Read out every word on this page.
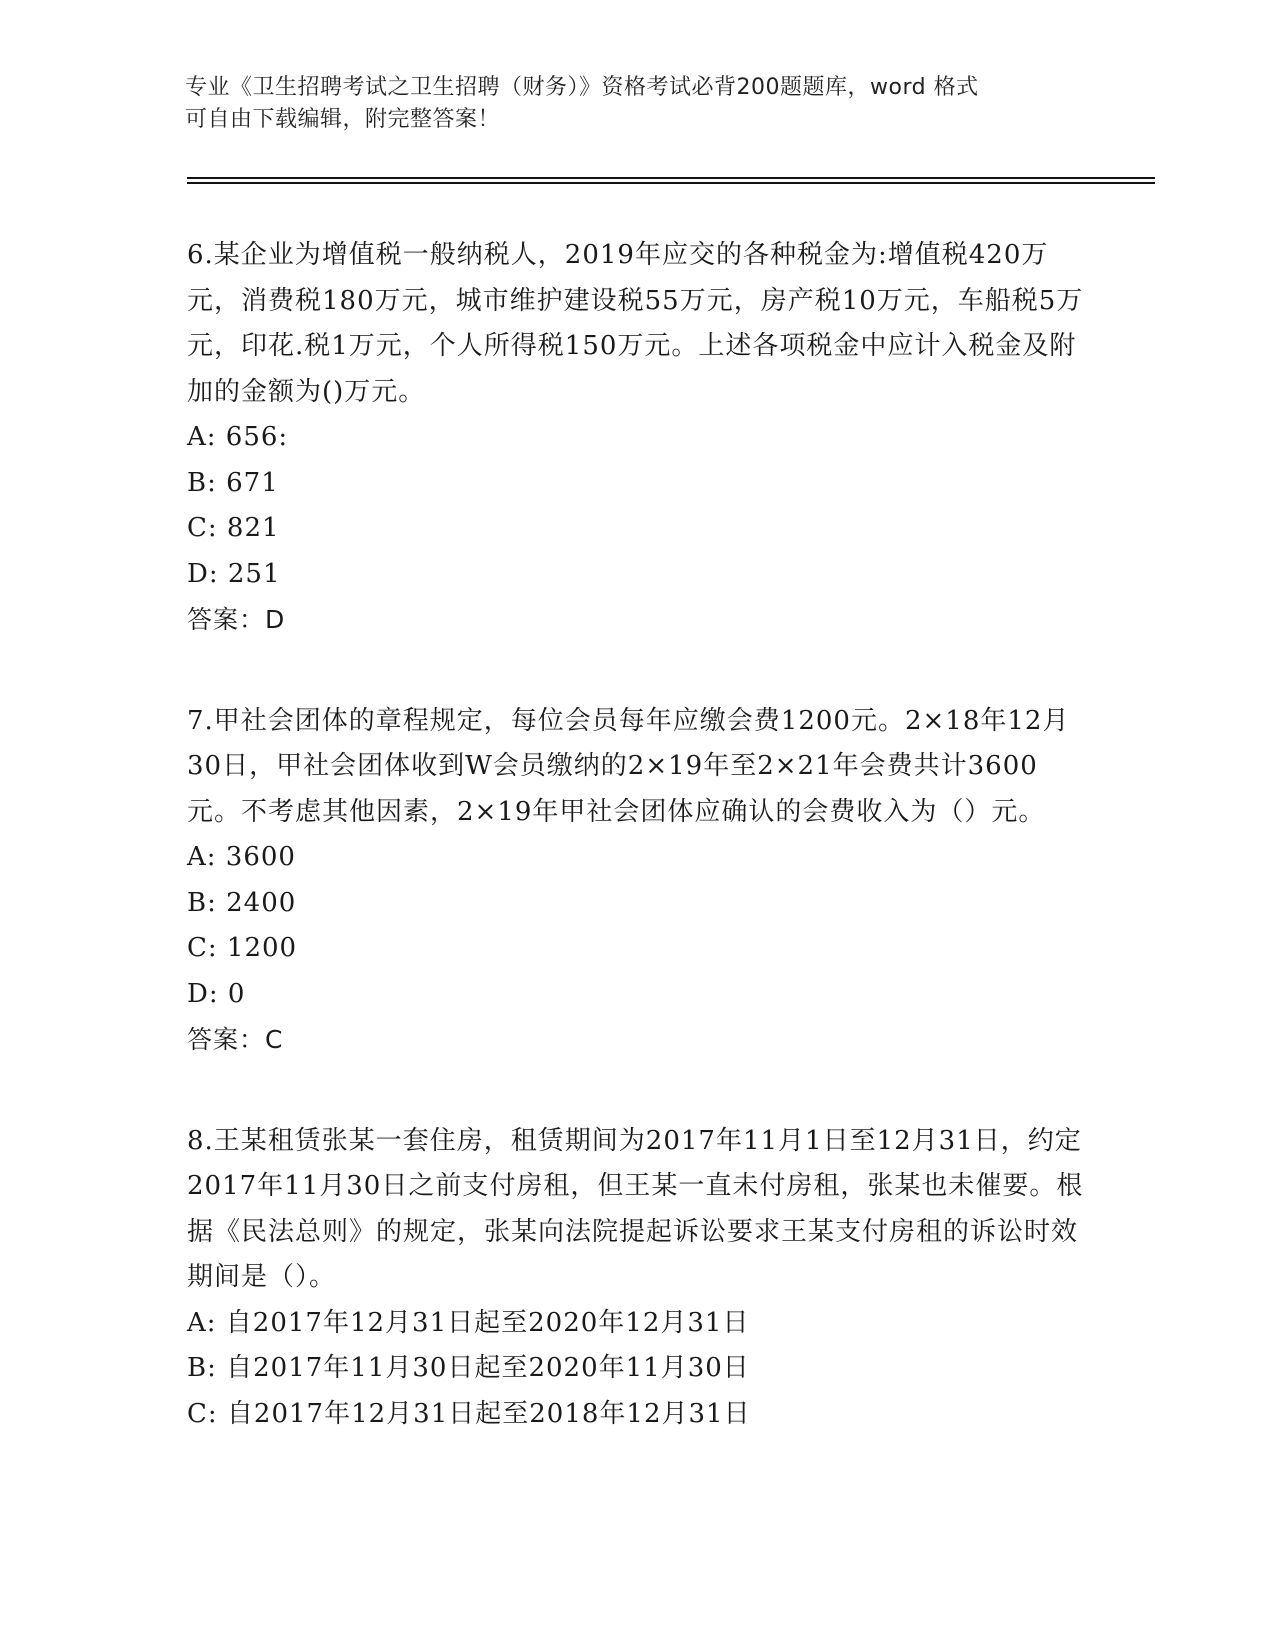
专业《卫生招聘考试之卫生招聘（财务）》资格考试必背200题题库，word 格式
可自由下载编辑，附完整答案！

6.某企业为增值税一般纳税人，2019年应交的各种税金为:增值税420万元，消费税180万元，城市维护建设税55万元，房产税10万元，车船税5万元，印花.税1万元，个人所得税150万元。上述各项税金中应计入税金及附加的金额为()万元。

A: 656:
B: 671
C: 821
D: 251
答案：D

7.甲社会团体的章程规定，每位会员每年应缴会费1200元。2×18年12月30日，甲社会团体收到W会员缴纳的2×19年至2×21年会费共计3600元。不考虑其他因素，2×19年甲社会团体应确认的会费收入为（）元。

A: 3600
B: 2400
C: 1200
D: 0
答案：C

8.王某租赁张某一套住房，租赁期间为2017年11月1日至12月31日，约定2017年11月30日之前支付房租，但王某一直未付房租，张某也未催要。根据《民法总则》的规定，张某向法院提起诉讼要求王某支付房租的诉讼时效期间是（）。

A: 自2017年12月31日起至2020年12月31日
B: 自2017年11月30日起至2020年11月30日
C: 自2017年12月31日起至2018年12月31日
